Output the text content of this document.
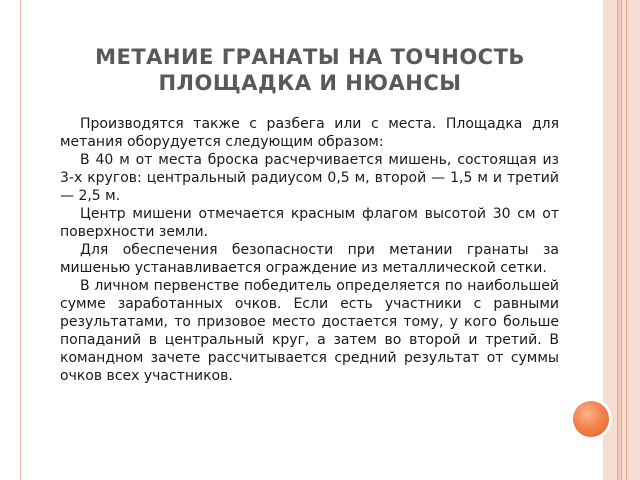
МЕТАНИЕ ГРАНАТЫ НА ТОЧНОСТЬ
ПЛОЩАДКА И НЮАНСЫ

Производятся также с разбега или с места. Площадка для метания оборудуется следующим образом:

В 40 м от места броска расчерчивается мишень, состоящая из 3-х кругов: центральный радиусом 0,5 м, второй — 1,5 м и третий — 2,5 м.

Центр мишени отмечается красным флагом высотой 30 см от поверхности земли.

Для обеспечения безопасности при метании гранаты за мишенью устанавливается ограждение из металлической сетки.

В личном первенстве победитель определяется по наибольшей сумме заработанных очков. Если есть участники с равными результатами, то призовое место достается тому, у кого больше попаданий в центральный круг, а затем во второй и третий. В командном зачете рассчитывается средний результат от суммы очков всех участников.
